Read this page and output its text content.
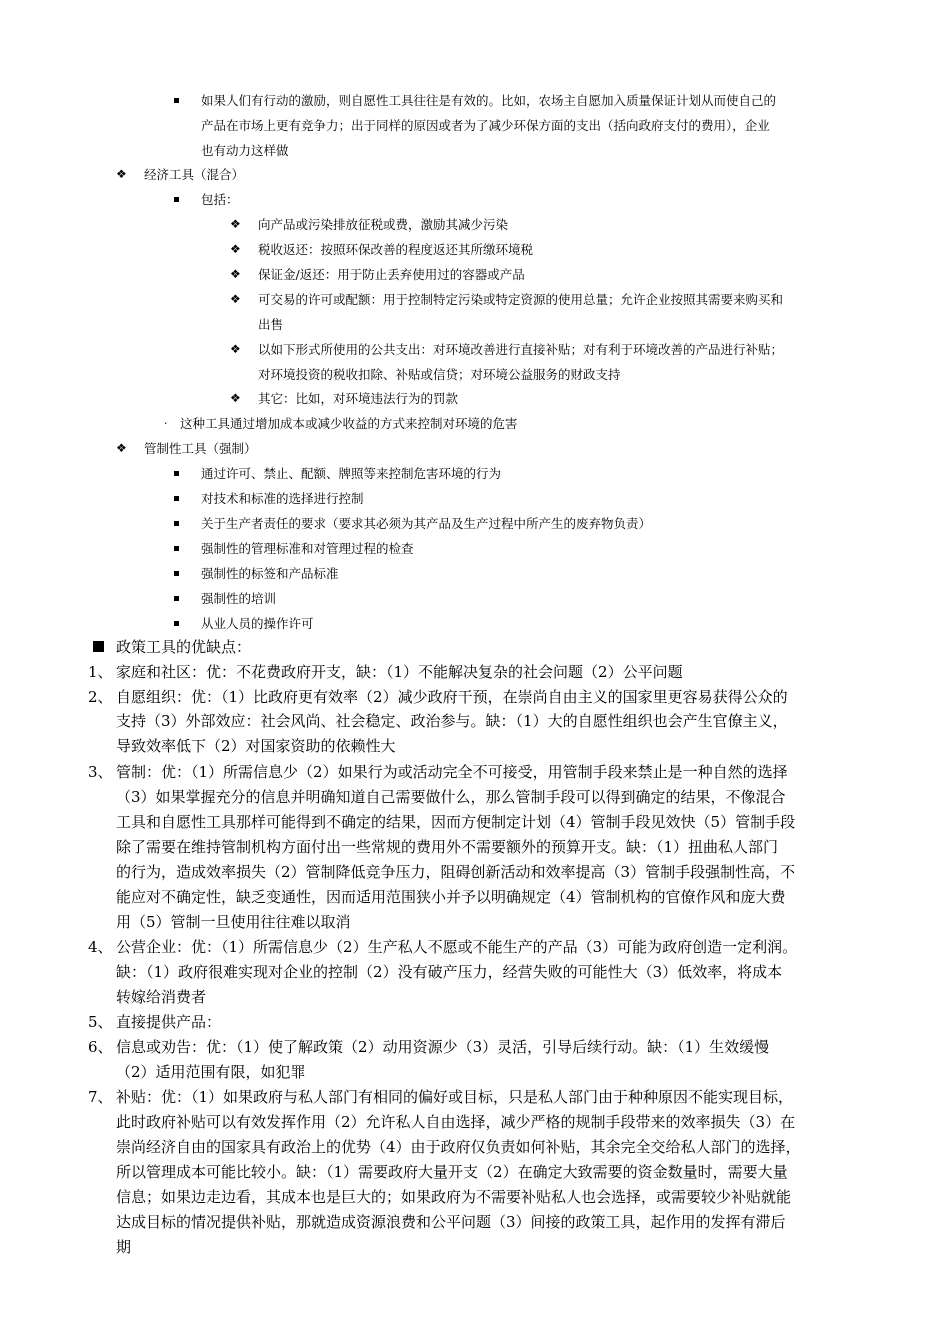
如果人们有行动的激励，则自愿性工具往往是有效的。比如，农场主自愿加入质量保证计划从而使自己的
产品在市场上更有竞争力；出于同样的原因或者为了减少环保方面的支出（括向政府支付的费用），企业
也有动力这样做
❖ 经济工具（混合）
包括：
❖ 向产品或污染排放征税或费，激励其减少污染
❖ 税收返还：按照环保改善的程度返还其所缴环境税
❖ 保证金/返还：用于防止丢弃使用过的容器或产品
❖ 可交易的许可或配额：用于控制特定污染或特定资源的使用总量；允许企业按照其需要来购买和
出售
❖ 以如下形式所使用的公共支出：对环境改善进行直接补贴；对有利于环境改善的产品进行补贴；
对环境投资的税收扣除、补贴或信贷；对环境公益服务的财政支持
❖ 其它：比如，对环境违法行为的罚款
· 这种工具通过增加成本或减少收益的方式来控制对环境的危害
❖ 管制性工具（强制）
通过许可、禁止、配额、牌照等来控制危害环境的行为
对技术和标准的选择进行控制
关于生产者责任的要求（要求其必须为其产品及生产过程中所产生的废弃物负责）
强制性的管理标准和对管理过程的检查
强制性的标签和产品标准
强制性的培训
从业人员的操作许可
政策工具的优缺点：
1、 家庭和社区：优：不花费政府开支，缺：（1）不能解决复杂的社会问题（2）公平问题
2、 自愿组织：优：（1）比政府更有效率（2）减少政府干预，在崇尚自由主义的国家里更容易获得公众的
支持（3）外部效应：社会风尚、社会稳定、政治参与。缺：（1）大的自愿性组织也会产生官僚主义，
导致效率低下（2）对国家资助的依赖性大
3、 管制：优：（1）所需信息少（2）如果行为或活动完全不可接受，用管制手段来禁止是一种自然的选择
（3）如果掌握充分的信息并明确知道自己需要做什么，那么管制手段可以得到确定的结果，不像混合
工具和自愿性工具那样可能得到不确定的结果，因而方便制定计划（4）管制手段见效快（5）管制手段
除了需要在维持管制机构方面付出一些常规的费用外不需要额外的预算开支。缺：（1）扭曲私人部门
的行为，造成效率损失（2）管制降低竞争压力，阻碍创新活动和效率提高（3）管制手段强制性高，不
能应对不确定性，缺乏变通性，因而适用范围狭小并予以明确规定（4）管制机构的官僚作风和庞大费
用（5）管制一旦使用往往难以取消
4、 公营企业：优：（1）所需信息少（2）生产私人不愿或不能生产的产品（3）可能为政府创造一定利润。
缺：（1）政府很难实现对企业的控制（2）没有破产压力，经营失败的可能性大（3）低效率，将成本
转嫁给消费者
5、 直接提供产品：
6、 信息或劝告：优：（1）使了解政策（2）动用资源少（3）灵活，引导后续行动。缺：（1）生效缓慢
（2）适用范围有限，如犯罪
7、 补贴：优：（1）如果政府与私人部门有相同的偏好或目标，只是私人部门由于种种原因不能实现目标，
此时政府补贴可以有效发挥作用（2）允许私人自由选择，减少严格的规制手段带来的效率损失（3）在
崇尚经济自由的国家具有政治上的优势（4）由于政府仅负责如何补贴，其余完全交给私人部门的选择，
所以管理成本可能比较小。缺：（1）需要政府大量开支（2）在确定大致需要的资金数量时，需要大量
信息；如果边走边看，其成本也是巨大的；如果政府为不需要补贴私人也会选择，或需要较少补贴就能
达成目标的情况提供补贴，那就造成资源浪费和公平问题（3）间接的政策工具，起作用的发挥有滞后
期
